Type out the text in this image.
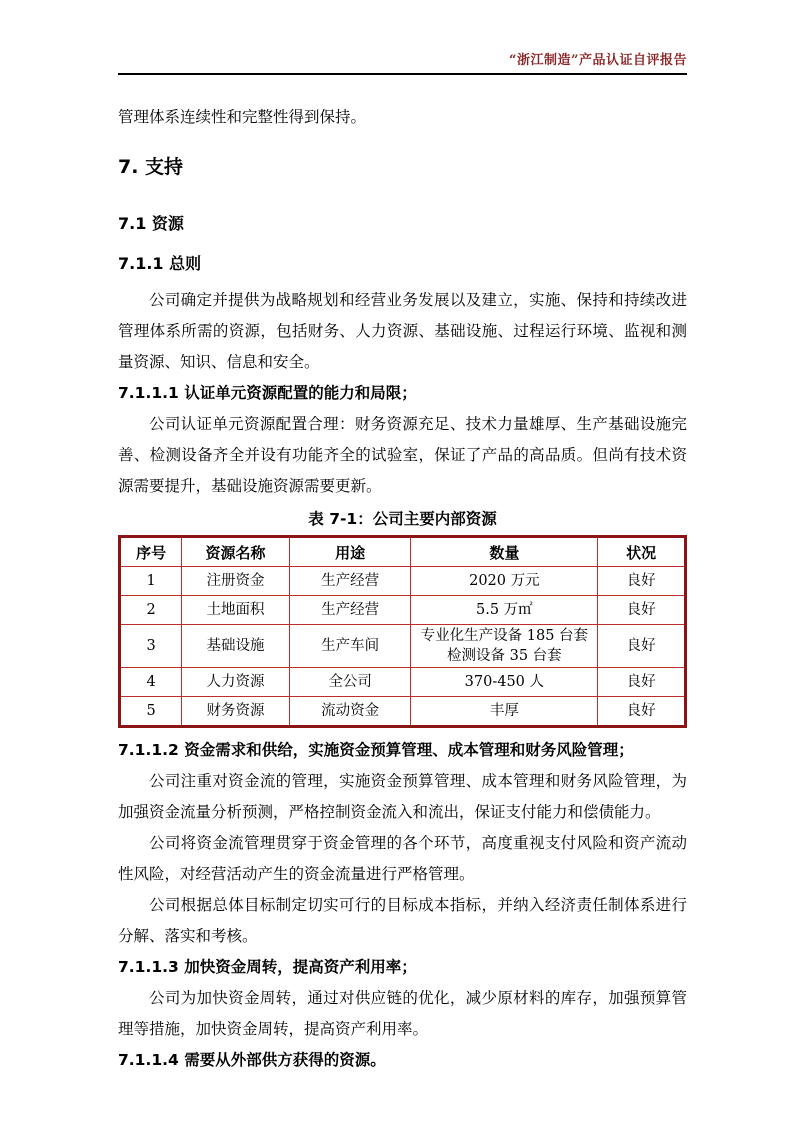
“浙江制造”产品认证自评报告

管理体系连续性和完整性得到保持。

7. 支持
7.1 资源
7.1.1 总则

公司确定并提供为战略规划和经营业务发展以及建立，实施、保持和持续改进管理体系所需的资源，包括财务、人力资源、基础设施、过程运行环境、监视和测量资源、知识、信息和安全。

7.1.1.1 认证单元资源配置的能力和局限；

公司认证单元资源配置合理：财务资源充足、技术力量雄厚、生产基础设施完善、检测设备齐全并设有功能齐全的试验室，保证了产品的高品质。但尚有技术资源需要提升，基础设施资源需要更新。

表 7-1：公司主要内部资源
序号	资源名称	用途	数量	状况
1	注册资金	生产经营	2020 万元	良好
2	土地面积	生产经营	5.5 万㎡	良好
3	基础设施	生产车间	专业化生产设备 185 台套
检测设备 35 台套	良好
4	人力资源	全公司	370-450 人	良好
5	财务资源	流动资金	丰厚	良好
7.1.1.2 资金需求和供给，实施资金预算管理、成本管理和财务风险管理；

公司注重对资金流的管理，实施资金预算管理、成本管理和财务风险管理，为加强资金流量分析预测，严格控制资金流入和流出，保证支付能力和偿债能力。

公司将资金流管理贯穿于资金管理的各个环节，高度重视支付风险和资产流动性风险，对经营活动产生的资金流量进行严格管理。

公司根据总体目标制定切实可行的目标成本指标，并纳入经济责任制体系进行分解、落实和考核。

7.1.1.3 加快资金周转，提高资产利用率；

公司为加快资金周转，通过对供应链的优化，减少原材料的库存，加强预算管理等措施，加快资金周转，提高资产利用率。

7.1.1.4 需要从外部供方获得的资源。
